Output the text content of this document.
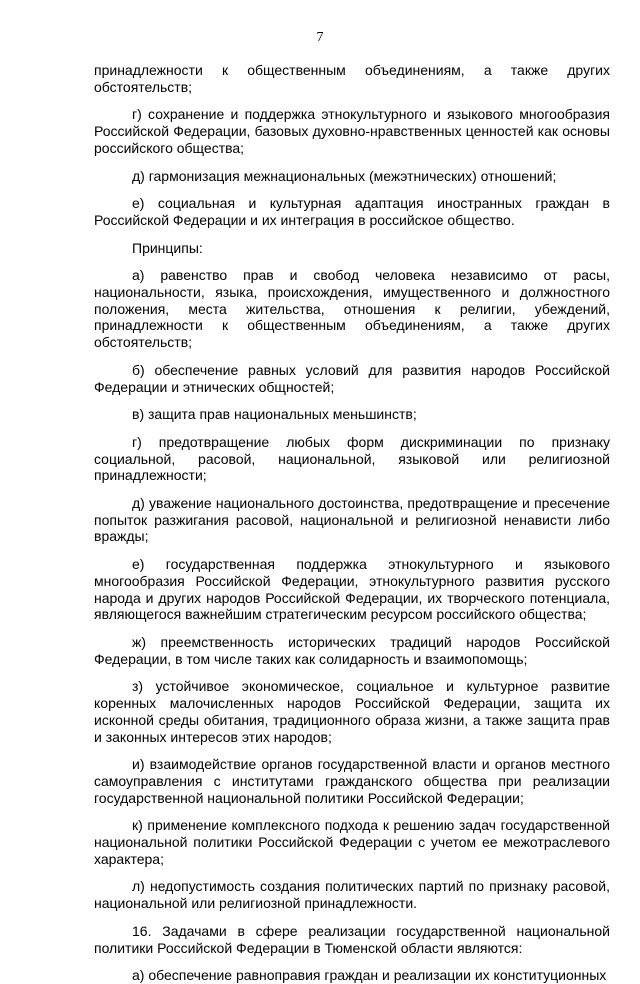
7

принадлежности к общественным объединениям, а также других обстоятельств;

г) сохранение и поддержка этнокультурного и языкового многообразия Российской Федерации, базовых духовно-нравственных ценностей как основы российского общества;

д) гармонизация межнациональных (межэтнических) отношений;

е) социальная и культурная адаптация иностранных граждан в Российской Федерации и их интеграция в российское общество.

Принципы:

а) равенство прав и свобод человека независимо от расы, национальности, языка, происхождения, имущественного и должностного положения, места жительства, отношения к религии, убеждений, принадлежности к общественным объединениям, а также других обстоятельств;

б) обеспечение равных условий для развития народов Российской Федерации и этнических общностей;

в) защита прав национальных меньшинств;

г) предотвращение любых форм дискриминации по признаку социальной, расовой, национальной, языковой или религиозной принадлежности;

д) уважение национального достоинства, предотвращение и пресечение попыток разжигания расовой, национальной и религиозной ненависти либо вражды;

е) государственная поддержка этнокультурного и языкового многообразия Российской Федерации, этнокультурного развития русского народа и других народов Российской Федерации, их творческого потенциала, являющегося важнейшим стратегическим ресурсом российского общества;

ж) преемственность исторических традиций народов Российской Федерации, в том числе таких как солидарность и взаимопомощь;

з) устойчивое экономическое, социальное и культурное развитие коренных малочисленных народов Российской Федерации, защита их исконной среды обитания, традиционного образа жизни, а также защита прав и законных интересов этих народов;

и) взаимодействие органов государственной власти и органов местного самоуправления с институтами гражданского общества при реализации государственной национальной политики Российской Федерации;

к) применение комплексного подхода к решению задач государственной национальной политики Российской Федерации с учетом ее межотраслевого характера;

л) недопустимость создания политических партий по признаку расовой, национальной или религиозной принадлежности.

16. Задачами в сфере реализации государственной национальной политики Российской Федерации в Тюменской области являются:

а) обеспечение равноправия граждан и реализации их конституционных
